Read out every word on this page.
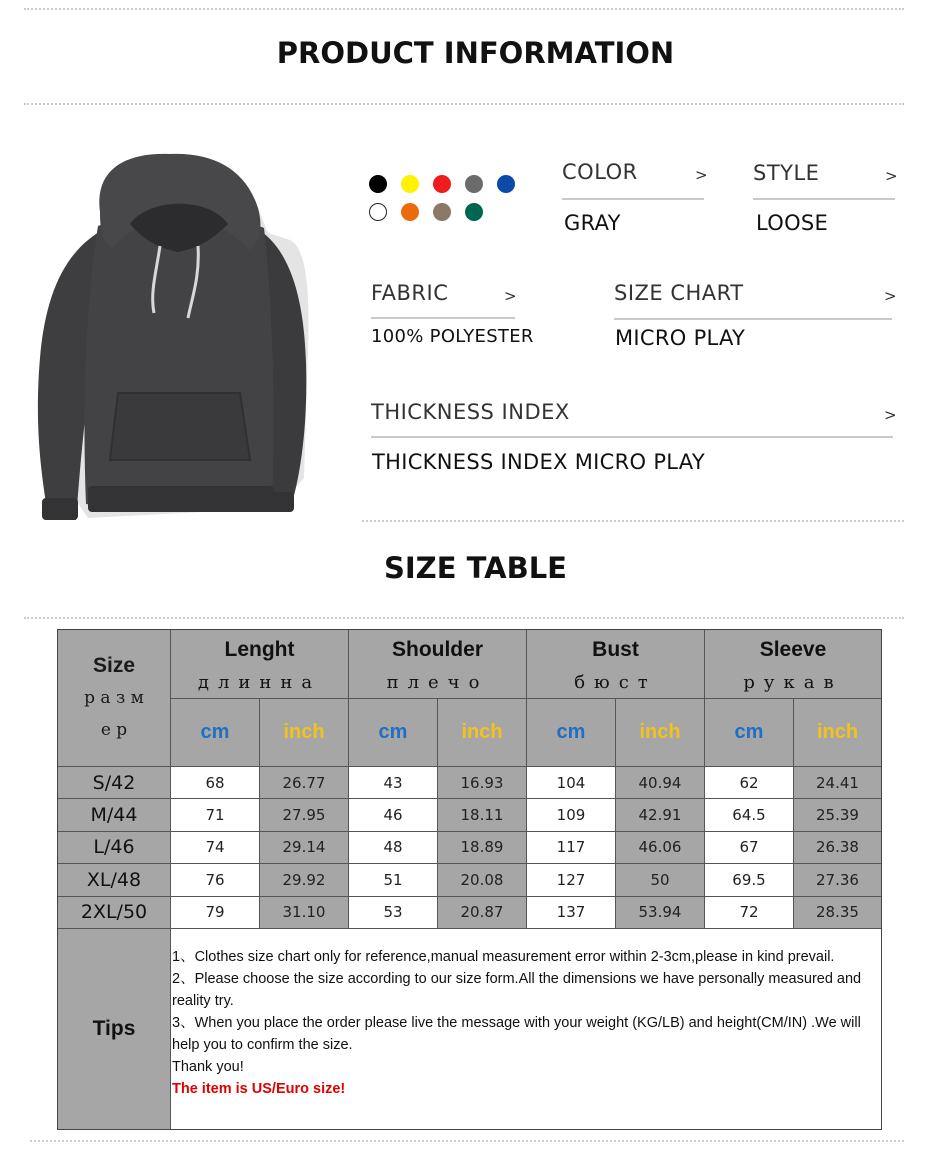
PRODUCT INFORMATION
COLOR	>
GRAY
STYLE	>
LOOSE
FABRIC	>
100% POLYESTER
SIZE CHART	>
MICRO PLAY
THICKNESS INDEX	>
THICKNESS INDEX MICRO PLAY
SIZE TABLE
Size
р а з м
е р
Lenght
длинна
Shoulder
плечо
Bust
бюст
Sleeve
рукав
cm	inch	cm	inch	cm	inch	cm	inch
S/42	68	26.77	43	16.93	104	40.94	62	24.41
M/44	71	27.95	46	18.11	109	42.91	64.5	25.39
L/46	74	29.14	48	18.89	117	46.06	67	26.38
XL/48	76	29.92	51	20.08	127	50	69.5	27.36
2XL/50	79	31.10	53	20.87	137	53.94	72	28.35
Tips
1、Clothes size chart only for reference,manual measurement error within 2-3cm,please in kind prevail.
2、Please choose the size according to our size form.All the dimensions we have personally measured and reality try.
3、When you place the order please live the message with your weight (KG/LB) and height(CM/IN) .We will help you to confirm the size.
Thank you!
The item is US/Euro size!
